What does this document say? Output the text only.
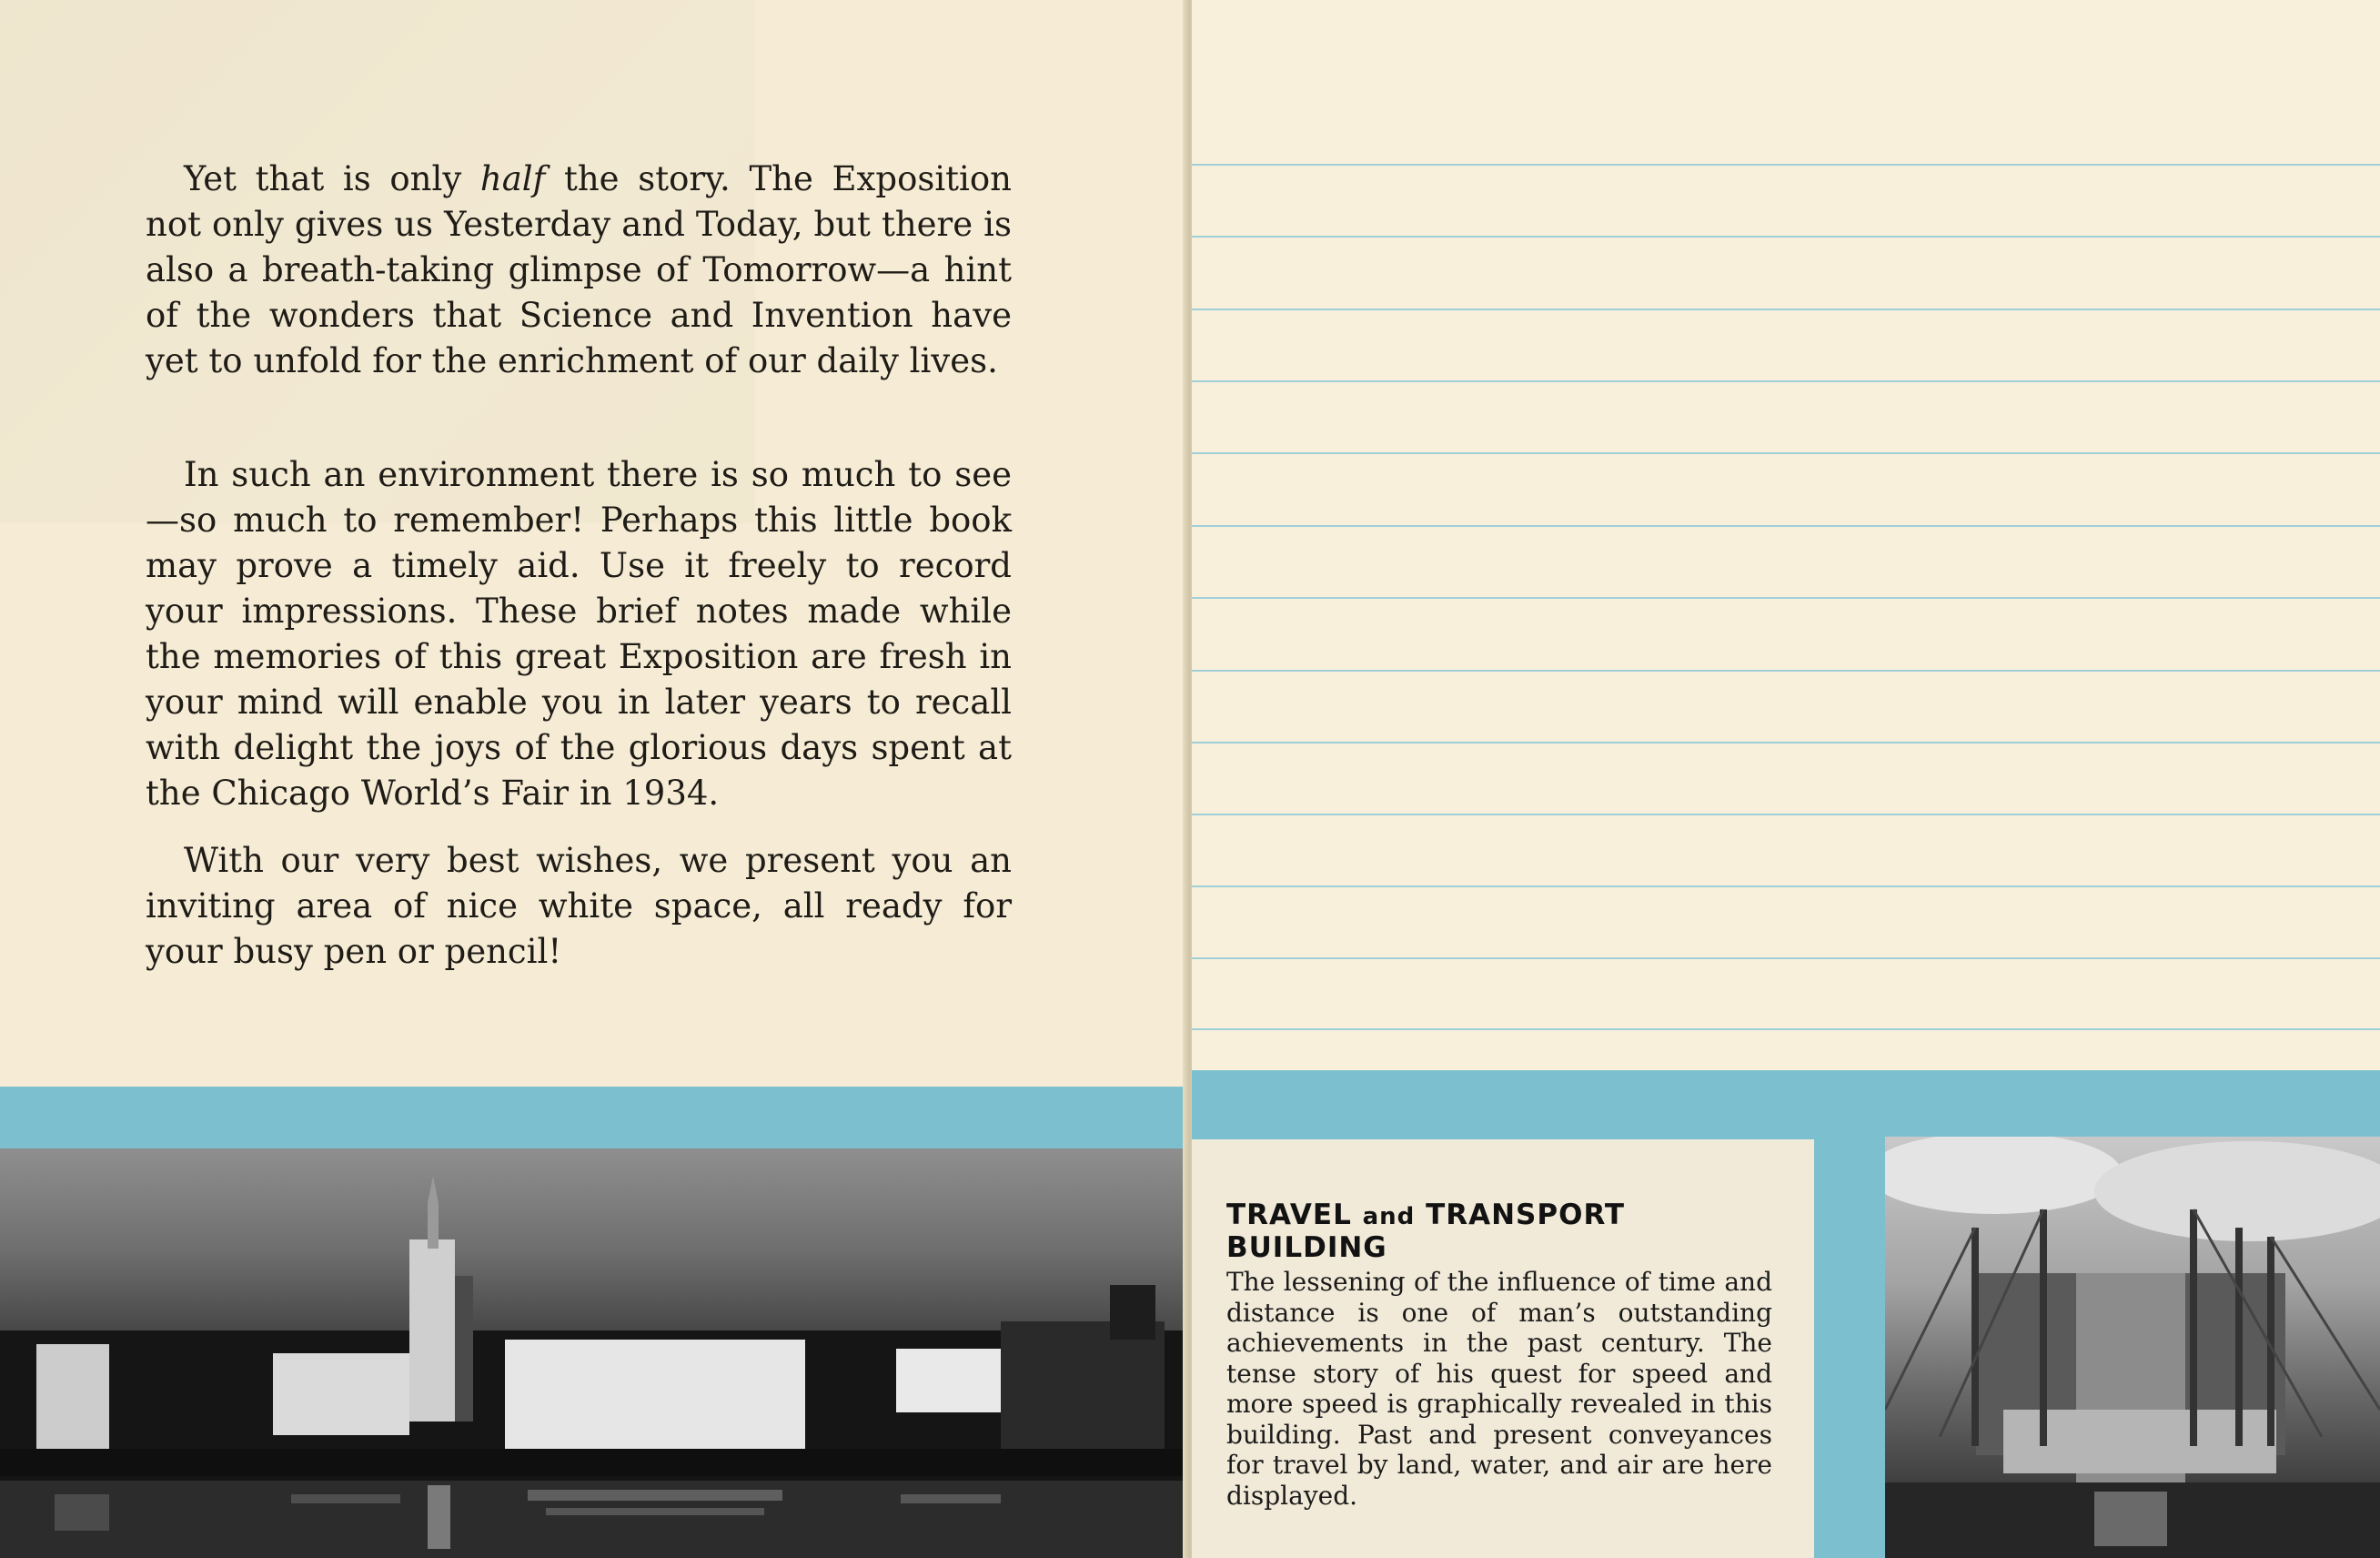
Yet that is only half the story. The Exposition not only gives us Yesterday and Today, but there is also a breath-taking glimpse of Tomorrow—a hint of the wonders that Science and Invention have yet to unfold for the enrichment of our daily lives.

In such an environment there is so much to see —so much to remember! Perhaps this little book may prove a timely aid. Use it freely to record your impressions. These brief notes made while the memories of this great Exposition are fresh in your mind will enable you in later years to recall with delight the joys of the glorious days spent at the Chicago World’s Fair in 1934.

With our very best wishes, we present you an inviting area of nice white space, all ready for your busy pen or pencil!

TRAVEL and TRANSPORT BUILDING

The lessening of the influence of time and distance is one of man’s outstanding achievements in the past century. The tense story of his quest for speed and more speed is graphically revealed in this building. Past and present conveyances for travel by land, water, and air are here displayed.
